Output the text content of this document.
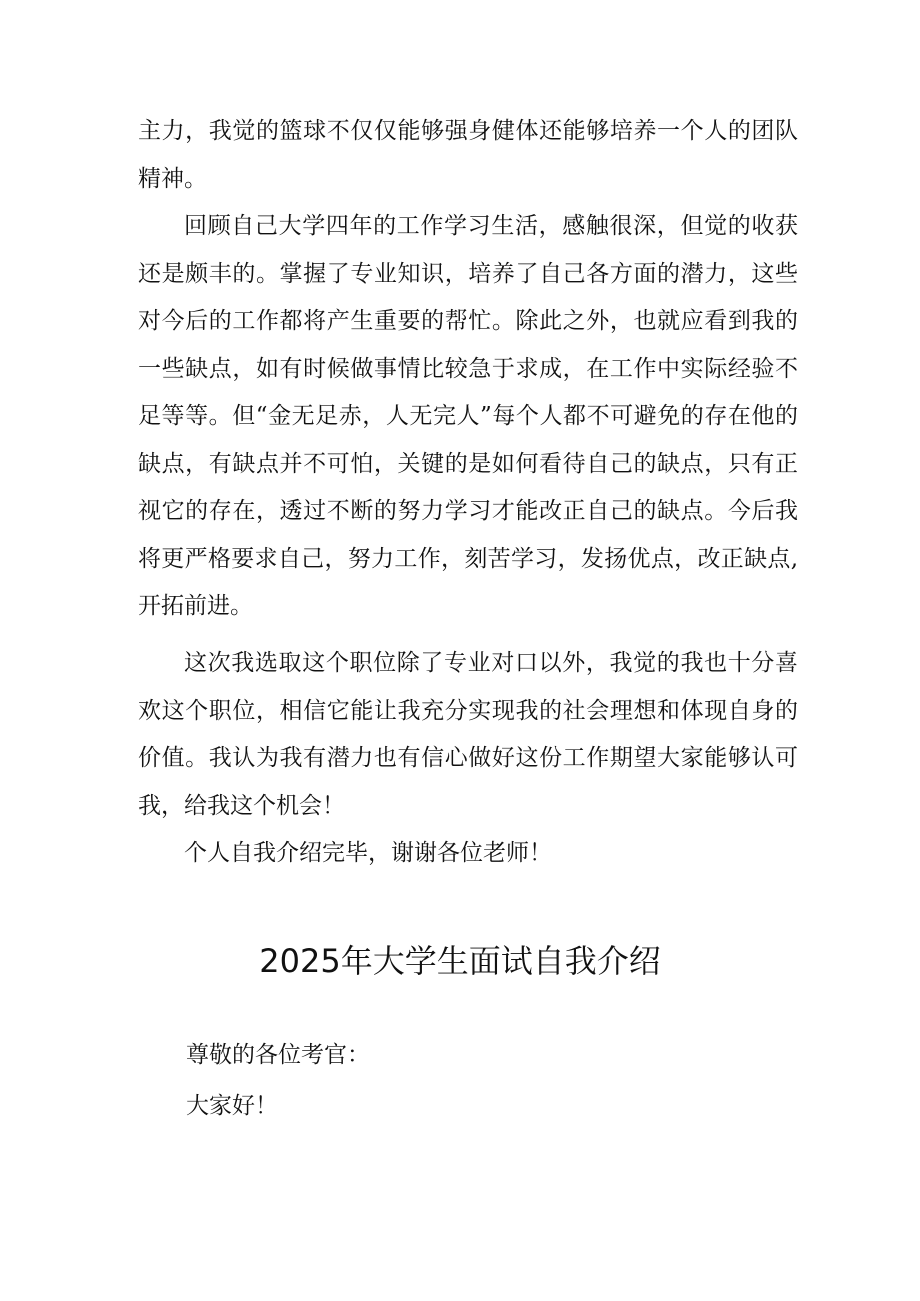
主力，我觉的篮球不仅仅能够强身健体还能够培养一个人的团队精神。

回顾自己大学四年的工作学习生活，感触很深，但觉的收获还是颇丰的。掌握了专业知识，培养了自己各方面的潜力，这些对今后的工作都将产生重要的帮忙。除此之外，也就应看到我的一些缺点，如有时候做事情比较急于求成，在工作中实际经验不足等等。但“金无足赤，人无完人”每个人都不可避免的存在他的缺点，有缺点并不可怕，关键的是如何看待自己的缺点，只有正视它的存在，透过不断的努力学习才能改正自己的缺点。今后我将更严格要求自己，努力工作，刻苦学习，发扬优点，改正缺点,开拓前进。

这次我选取这个职位除了专业对口以外，我觉的我也十分喜欢这个职位，相信它能让我充分实现我的社会理想和体现自身的价值。我认为我有潜力也有信心做好这份工作期望大家能够认可我，给我这个机会！

个人自我介绍完毕，谢谢各位老师！

2025年大学生面试自我介绍

尊敬的各位考官：

大家好！
